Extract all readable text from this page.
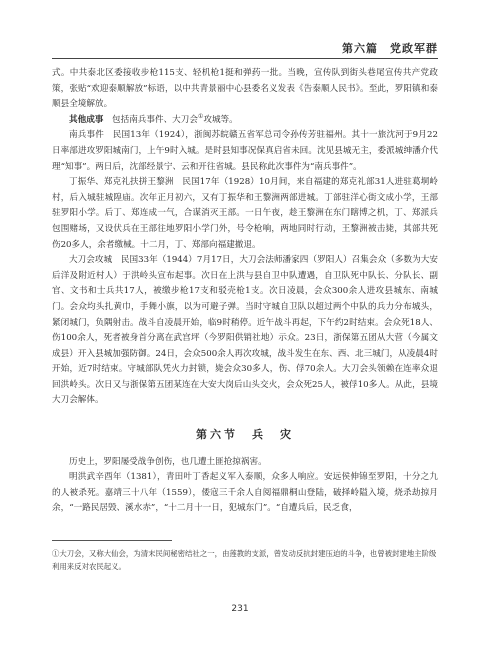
第六篇　党政军群

式。中共泰北区委接收步枪115支、轻机枪1挺和弹药一批。当晚，宣传队到街头巷尾宣传共产党政策，张贴“欢迎泰顺解放”标语，以中共青景丽中心县委名义发表《告泰顺人民书》。至此，罗阳镇和泰顺县全境解放。

其他成事　 包括南兵事件、大刀会①攻城等。

南兵事件　民国13年（1924），浙闽苏皖赣五省军总司令孙传芳驻福州。其十一旅沈河于9月22日率部进攻罗阳城南门，上午9时入城。是时县知事况保真启省未回。沈见县城无主，委派城绅潘介代理“知事”。两日后，沈部经景宁、云和开往省城。县民称此次事件为“南兵事件”。

丁振华、郑克礼扶拼王黎洲　民国17年（1928）10月间，来自福建的郑克礼部31人进驻葛垌岭村，后入城驻城隍庙。次年正月初六，又有丁振华和王黎洲两部进城。丁部驻洋心街文成小学，王部驻罗阳小学。后丁、郑连成一气，合谋消灭王部。一日午夜，趁王黎洲在东门瞎博之机，丁、郑派兵包围赌场，又设伏兵在王部往地罗阳小学门外，号令枪响，两地同时行动，王黎洲被击毙，其部共死伤20多人，余者缴械。十二月，丁、郑部向福建撤退。

大刀会攻城　民国33年（1944）7月17日，大刀会法师潘家四（罗阳人）召集会众（多数为大安后洋及附近村人）于洪岭头宣布起事。次日在上洪与县自卫中队遭遇，自卫队死中队长、分队长、副官、文书和士兵共17人，被缴步枪17支和驳壳枪1支。次日凌晨，会众300余人进攻县城东、南城门。会众均头扎黄巾，手舞小旗，以为可避子弹。当时守城自卫队以超过两个中队的兵力分布城头，紧闭城门，负隅射击。战斗自凌晨开始，临9时稍停。近午战斗再起，下午约2时结束。会众死18人、伤100余人，死者被身首分离在武宫坪（今罗阳供销社地）示众。23日，浙保第五团从大营（今属文成县）开入县城加强防御。24日，会众500余人再次攻城，战斗发生在东、西、北三城门，从凌晨4时开始，近7时结束。守城部队凭火力封锁，毙会众30多人，伤、俘70余人。大刀会头领赖在连率众退回洪岭头。次日又与浙保第五团某连在大安大岗后山头交火，会众死25人，被俘10多人。从此，县境大刀会解体。

第六节　兵　灾

历史上，罗阳屡受战争创伤，也几遭土匪抢掠祸害。

明洪武辛酉年（1381），青田叶丁香起义军入泰顺，众多人响应。安远侯伸锦至罗阳，十分之九的人被杀死。嘉靖三十八年（1559），倭寇三千余人自阅福鼎桐山登陆，破择岭隘入境，烧杀劫掠月余，“一路民居毁、溪水赤”，“十二月十一日，犯城东门”。“自遭兵后，民乏食，

①大刀会，又称大仙会，为清末民间秘密结社之一，由莲教的支派，曾发动反抗封建压迫的斗争，也曾被封建地主阶级利用来反对农民起义。
231
